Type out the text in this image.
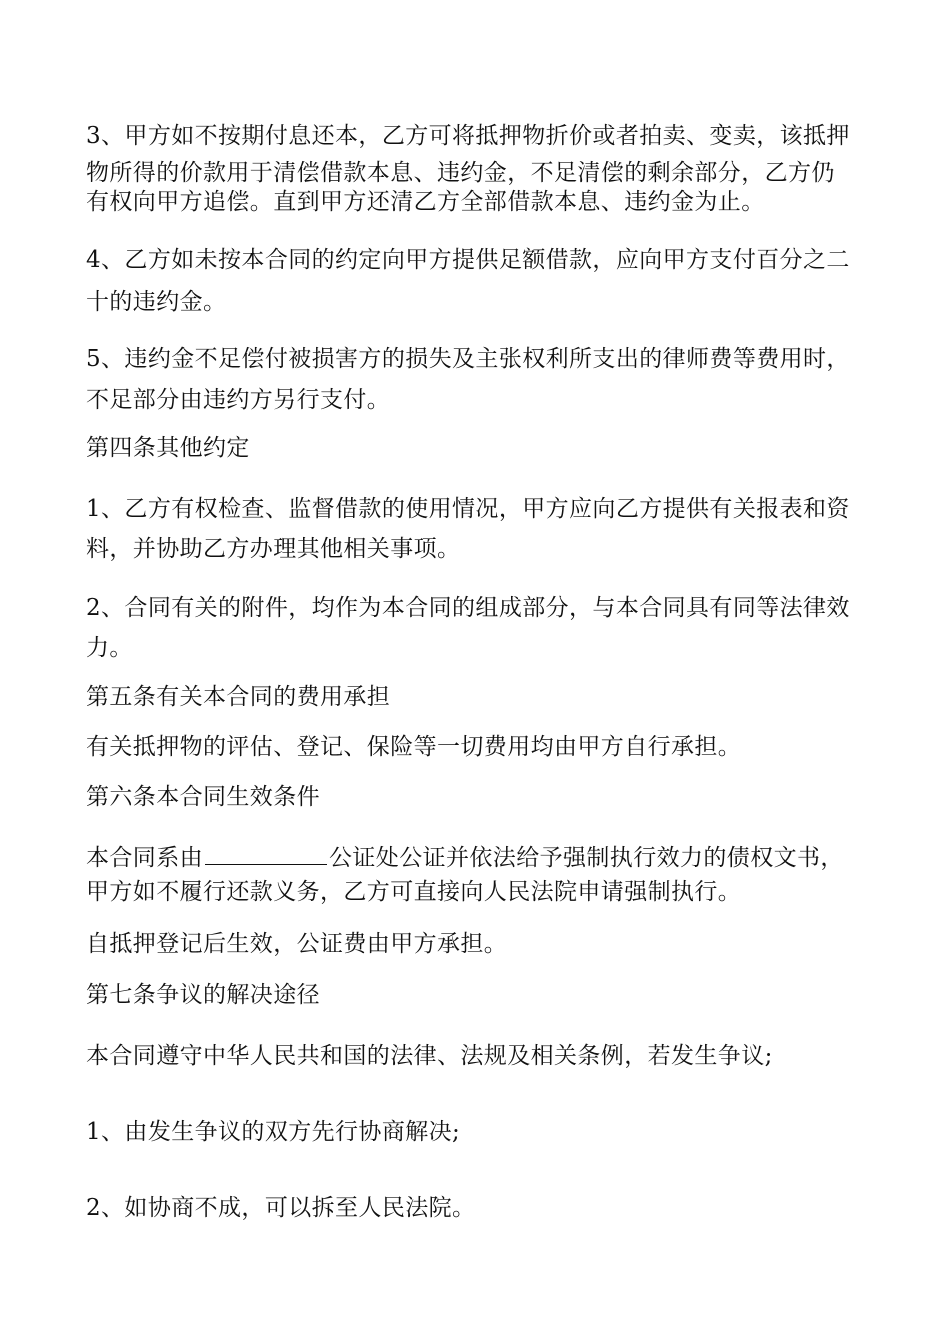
3、甲方如不按期付息还本，乙方可将抵押物折价或者拍卖、变卖，该抵押
物所得的价款用于清偿借款本息、违约金，不足清偿的剩余部分，乙方仍
有权向甲方追偿。直到甲方还清乙方全部借款本息、违约金为止。
4、乙方如未按本合同的约定向甲方提供足额借款，应向甲方支付百分之二
十的违约金。
5、违约金不足偿付被损害方的损失及主张权利所支出的律师费等费用时，
不足部分由违约方另行支付。
第四条其他约定
1、乙方有权检查、监督借款的使用情况，甲方应向乙方提供有关报表和资
料，并协助乙方办理其他相关事项。
2、合同有关的附件，均作为本合同的组成部分，与本合同具有同等法律效
力。
第五条有关本合同的费用承担
有关抵押物的评估、登记、保险等一切费用均由甲方自行承担。
第六条本合同生效条件
本合同系由	公证处公证并依法给予强制执行效力的债权文书，
甲方如不履行还款义务，乙方可直接向人民法院申请强制执行。
自抵押登记后生效，公证费由甲方承担。
第七条争议的解决途径
本合同遵守中华人民共和国的法律、法规及相关条例，若发生争议;
1、由发生争议的双方先行协商解决;
2、如协商不成，可以拆至人民法院。
